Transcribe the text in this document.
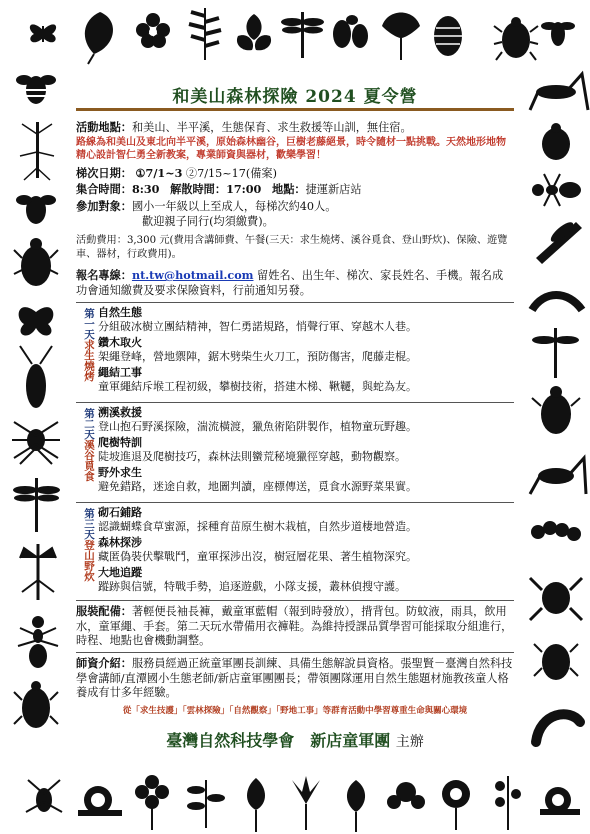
和美山森林探險 2024 夏令營
活動地點：和美山、半平溪，生態保育、求生救援等山訓，無住宿。
路線為和美山及東北向半平溪，原始森林幽谷，巨樹老藤絕景，時令隨材一點挑戰。天然地形地物精心設計智仁勇全新教案，專業師資與器材，歡樂學習！
梯次日期： ①7/1~3 ②7/15~17(備案)
集合時間：8:30 解散時間：17:00 地點：捷運新店站
參加對象：國小一年級以上至成人，每梯次約40人。
歡迎親子同行(均須繳費)。
活動費用：3,300 元(費用含講師費、午餐(三天：求生燒烤、溪谷覓食、登山野炊)、保險、遊覽車、器材，行政費用)。
報名專線：nt.tw@hotmail.com 留姓名、出生年、梯次、家長姓名、手機。報名成功會通知繳費及要求保險資料，行前通知另發。
第一天求生燒烤
自然生態
分組破冰樹立團結精神，智仁勇諾規路，悄聲行軍、穿越木人巷。
鑽木取火
架繩登峰，營地禦陣，鋸木劈柴生火刀工，預防傷害，爬藤走棍。
繩結工事
童軍繩結斥堠工程初級，攀樹技術，搭建木梯、鞦韆，與蛇為友。
第二天溪谷覓食
溯溪救援
登山抱石野溪探險，湍流橫渡，獵魚術陷阱製作，植物童玩野趣。
爬樹特訓
陡坡進退及爬樹技巧，森林法則蠻荒秘境獵徑穿越，動物觀察。
野外求生
避免錯路，迷途自救，地圖判讀，座標傳送，覓食水源野菜果實。
第三天登山野炊
砌石鋪路
認識蝴蝶食草蜜源，採種育苗原生樹木栽植，自然步道棲地營造。
森林探涉
藏匿偽裝伏擊戰鬥，童軍探涉出沒，樹冠層花果、著生植物深究。
大地追蹤
蹤跡與信號，特戰手勢，追逐遊戲，小隊支援，叢林偵搜守護。
服裝配備：著輕便長袖長褲，戴童軍藍帽（報到時發放），揹背包。防蚊液，雨具，飲用水，童軍繩、手套。第二天玩水帶備用衣褲鞋。為維持授課品質學習可能採取分組進行，時程、地點也會機動調整。
師資介紹：服務員經過正統童軍團長訓練、具備生態解說員資格。張聖賢－臺灣自然科技學會講師/直潭國小生態老師/新店童軍團團長；帶領團隊運用自然生態題材施教孩童人格養成有廿多年經驗。
從「求生技護」「雲林探險」「自然觀察」「野地工事」等群育活動中學習尊重生命與關心環境
臺灣自然科技學會　新店童軍團 主辦
